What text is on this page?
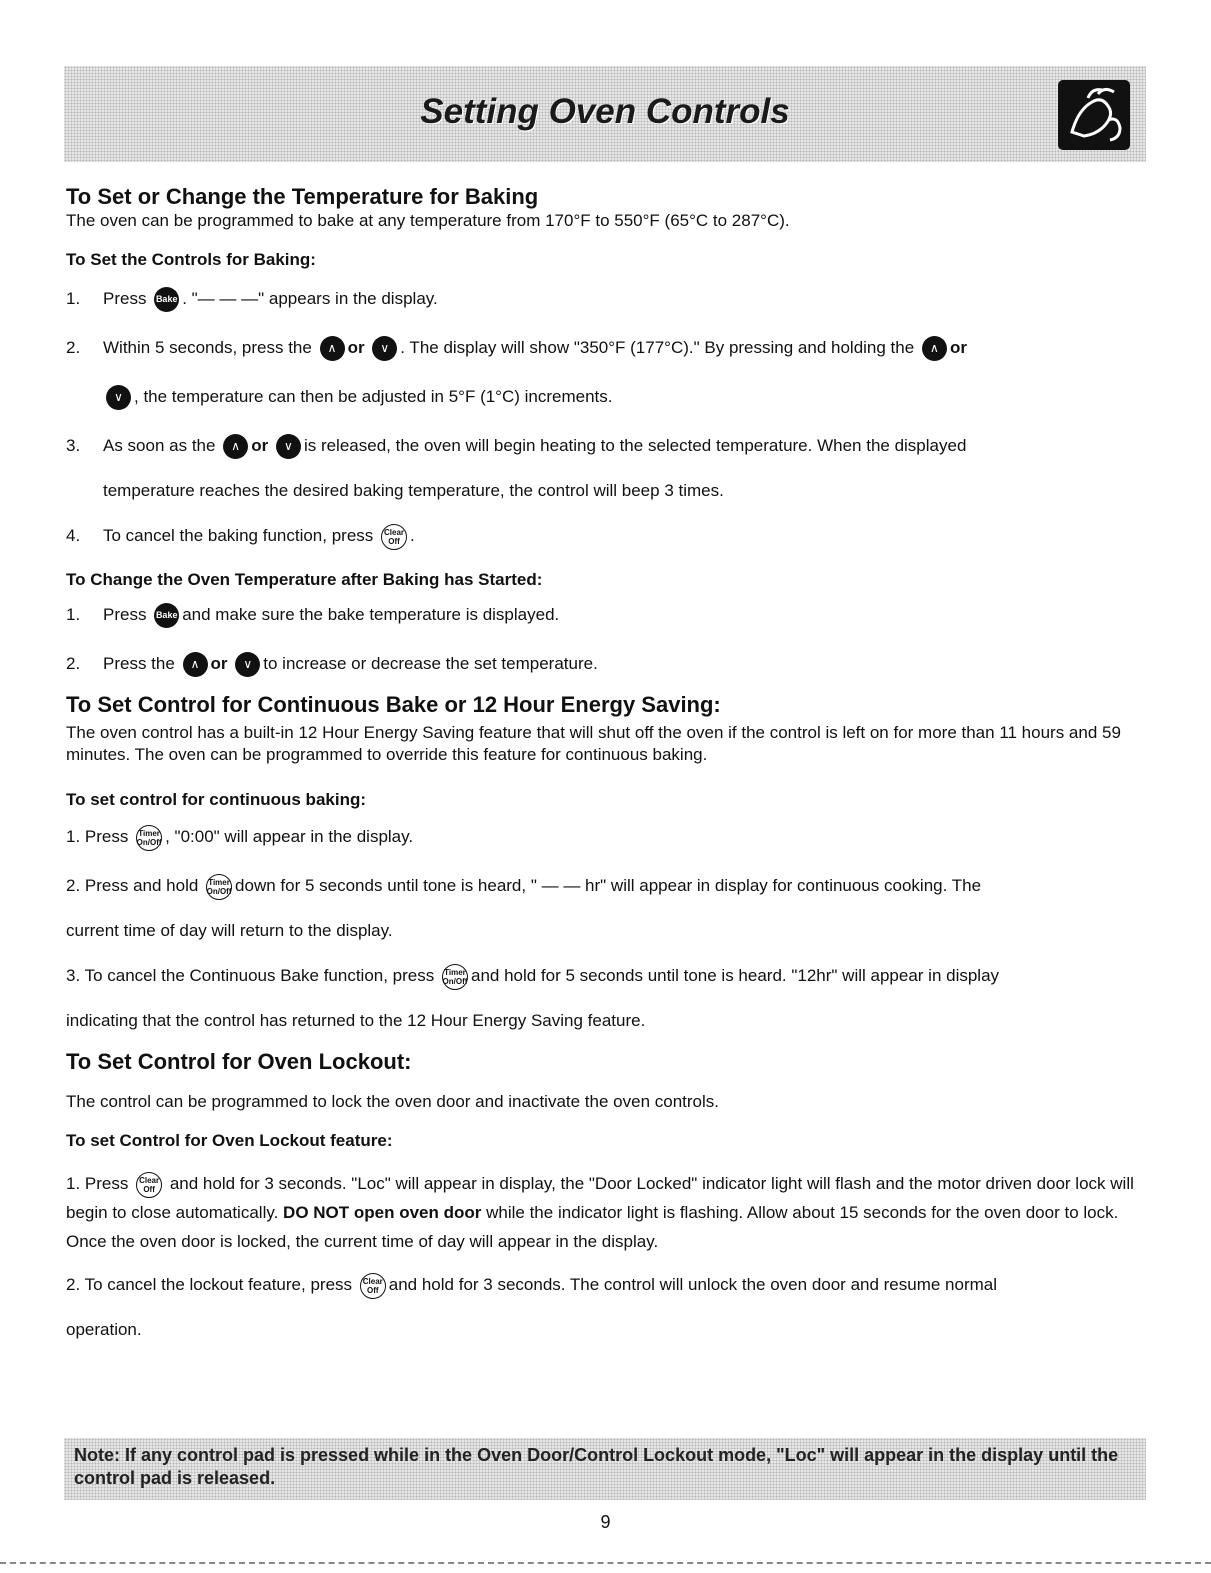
Setting Oven Controls
To Set or Change the Temperature for Baking

The oven can be programmed to bake at any temperature from 170°F to 550°F (65°C to 287°C).

To Set the Controls for Baking:
1. Press Bake . "— — —" appears in the display.
2. Within 5 seconds, press the ∧ or ∨ . The display will show "350°F (177°C)." By pressing and holding the ∧ or
∨ , the temperature can then be adjusted in 5°F (1°C) increments.
3. As soon as the ∧ or ∨ is released, the oven will begin heating to the selected temperature. When the displayed
temperature reaches the desired baking temperature, the control will beep 3 times.
4. To cancel the baking function, press Clear
Off .
To Change the Oven Temperature after Baking has Started:
1. Press Bake and make sure the bake temperature is displayed.
2. Press the ∧ or ∨ to increase or decrease the set temperature.
To Set Control for Continuous Bake or 12 Hour Energy Saving:

The oven control has a built-in 12 Hour Energy Saving feature that will shut off the oven if the control is left on for more than 11 hours and 59 minutes. The oven can be programmed to override this feature for continuous baking.

To set control for continuous baking:
1. Press Timer
On/Off , "0:00" will appear in the display.
2. Press and hold Timer
On/Off down for 5 seconds until tone is heard, " — — hr" will appear in display for continuous cooking. The
current time of day will return to the display.
3. To cancel the Continuous Bake function, press Timer
On/Off and hold for 5 seconds until tone is heard. "12hr" will appear in display
indicating that the control has returned to the 12 Hour Energy Saving feature.
To Set Control for Oven Lockout:

The control can be programmed to lock the oven door and inactivate the oven controls.

To set Control for Oven Lockout feature:

1. Press Clear
Off and hold for 3 seconds. "Loc" will appear in display, the "Door Locked" indicator light will flash and the motor driven door lock will begin to close automatically. DO NOT open oven door while the indicator light is flashing. Allow about 15 seconds for the oven door to lock. Once the oven door is locked, the current time of day will appear in the display.

2. To cancel the lockout feature, press Clear
Off and hold for 3 seconds. The control will unlock the oven door and resume normal
operation.

Note: If any control pad is pressed while in the Oven Door/Control Lockout mode, "Loc" will appear in the display until the control pad is released.

9
